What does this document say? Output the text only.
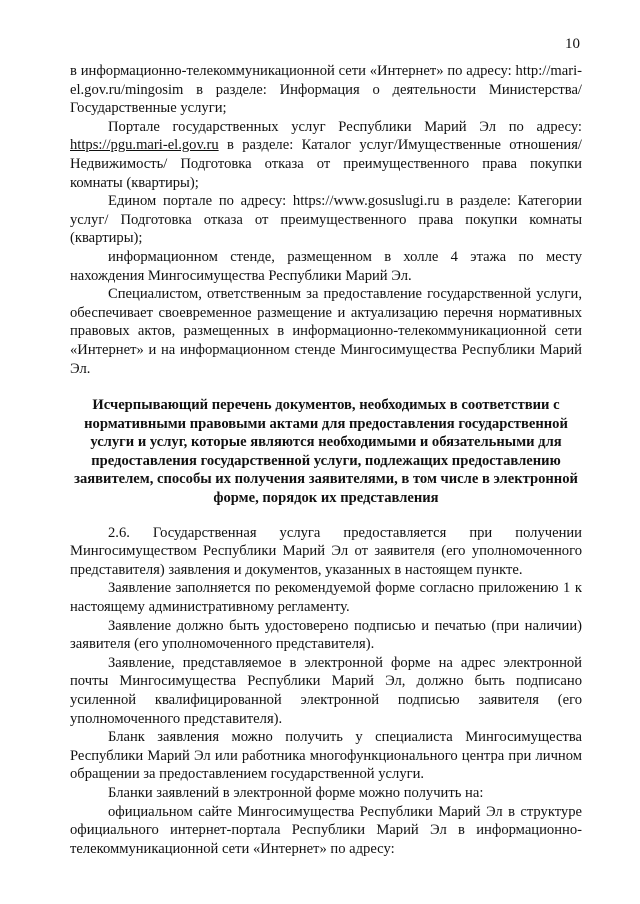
10

в информационно-телекоммуникационной сети «Интернет» по адресу: http://mari-el.gov.ru/mingosim в разделе: Информация о деятельности Министерства/Государственные услуги;

Портале государственных услуг Республики Марий Эл по адресу: https://pgu.mari-el.gov.ru в разделе: Каталог услуг/Имущественные отношения/Недвижимость/ Подготовка отказа от преимущественного права покупки комнаты (квартиры);

Едином портале по адресу: https://www.gosuslugi.ru в разделе: Категории услуг/ Подготовка отказа от преимущественного права покупки комнаты (квартиры);

информационном стенде, размещенном в холле 4 этажа по месту нахождения Мингосимущества Республики Марий Эл.

Специалистом, ответственным за предоставление государственной услуги, обеспечивает своевременное размещение и актуализацию перечня нормативных правовых актов, размещенных в информационно-телекоммуникационной сети «Интернет» и на информационном стенде Мингосимущества Республики Марий Эл.

Исчерпывающий перечень документов, необходимых в соответствии с нормативными правовыми актами для предоставления государственной услуги и услуг, которые являются необходимыми и обязательными для предоставления государственной услуги, подлежащих предоставлению заявителем, способы их получения заявителями, в том числе в электронной форме, порядок их представления

2.6. Государственная услуга предоставляется при получении Мингосимуществом Республики Марий Эл от заявителя (его уполномоченного представителя) заявления и документов, указанных в настоящем пункте.

Заявление заполняется по рекомендуемой форме согласно приложению 1 к настоящему административному регламенту.

Заявление должно быть удостоверено подписью и печатью (при наличии) заявителя (его уполномоченного представителя).

Заявление, представляемое в электронной форме на адрес электронной почты Мингосимущества Республики Марий Эл, должно быть подписано усиленной квалифицированной электронной подписью заявителя (его уполномоченного представителя).

Бланк заявления можно получить у специалиста Мингосимущества Республики Марий Эл или работника многофункционального центра при личном обращении за предоставлением государственной услуги.

Бланки заявлений в электронной форме можно получить на:

официальном сайте Мингосимущества Республики Марий Эл в структуре официального интернет-портала Республики Марий Эл в информационно-телекоммуникационной сети «Интернет» по адресу:
